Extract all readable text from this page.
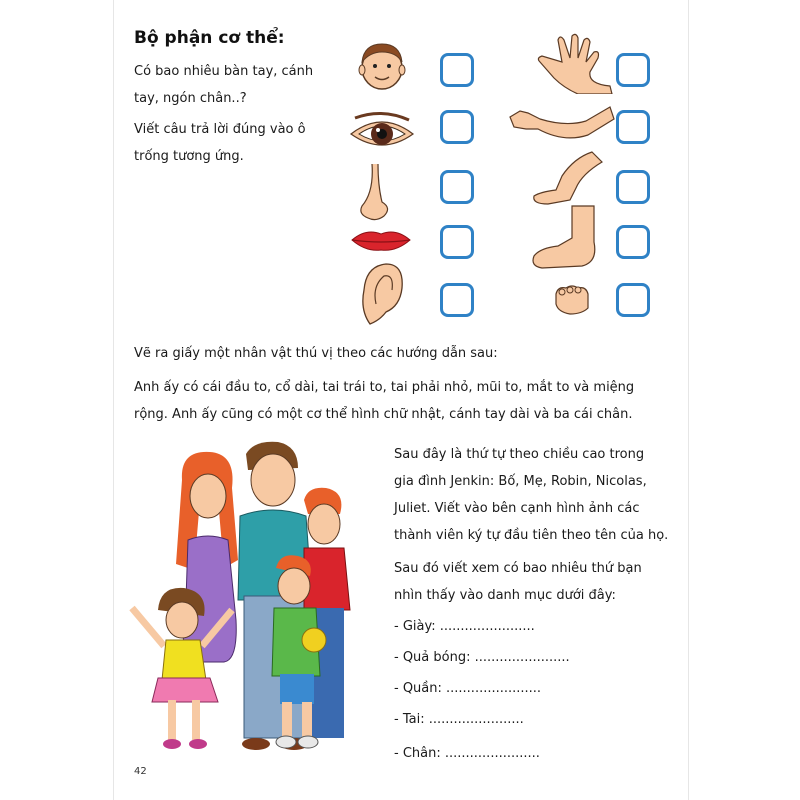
Bộ phận cơ thể:
Có bao nhiêu bàn tay, cánh
tay, ngón chân..?
Viết câu trả lời đúng vào ô
trống tương ứng.
Vẽ ra giấy một nhân vật thú vị theo các hướng dẫn sau:
Anh ấy có cái đầu to, cổ dài, tai trái to, tai phải nhỏ, mũi to, mắt to và miệng
rộng. Anh ấy cũng có một cơ thể hình chữ nhật, cánh tay dài và ba cái chân.
Sau đây là thứ tự theo chiều cao trong
gia đình Jenkin: Bố, Mẹ, Robin, Nicolas,
Juliet. Viết vào bên cạnh hình ảnh các
thành viên ký tự đầu tiên theo tên của họ.
Sau đó viết xem có bao nhiêu thứ bạn
nhìn thấy vào danh mục dưới đây:
- Giày: .......................
- Quả bóng: .......................
- Quần: .......................
- Tai: .......................
- Chân: .......................
42
